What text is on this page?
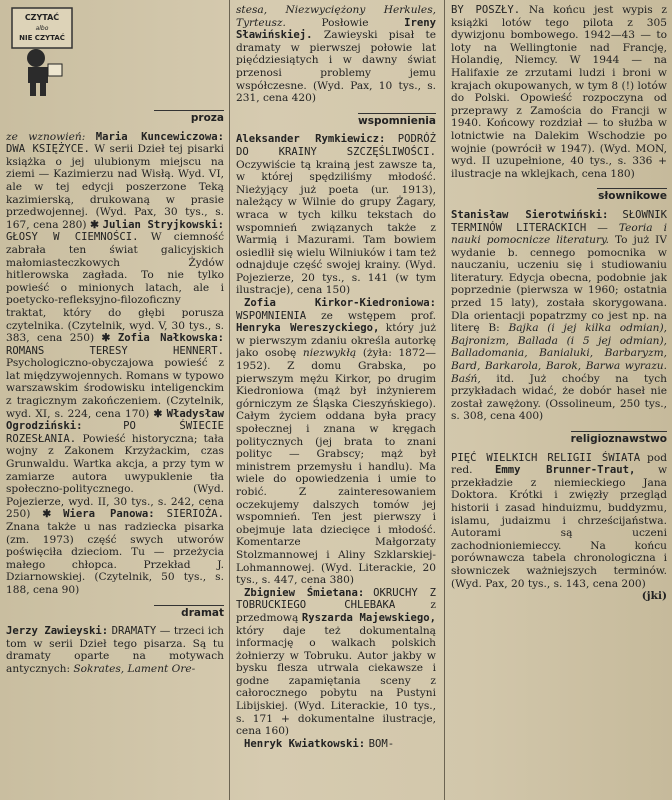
CZYTAĆ
albo
NIE CZYTAĆ
proza

ze wznowień: Maria Kuncewiczowa: DWA KSIĘŻYCE. W serii Dzieł tej pisarki książka o jej ulubionym miejscu na ziemi — Kazimierzu nad Wisłą. Wyd. VI, ale w tej edycji poszerzone Teką kazimierską, drukowaną w prasie przedwojennej. (Wyd. Pax, 30 tys., s. 167, cena 280) ✱ Julian Stryjkowski: GŁOSY W CIEMNOŚCI. W ciemność zabrała ten świat galicyjskich małomiasteczkowych Żydów hitlerowska zagłada. To nie tylko powieść o minionych latach, ale i poetycko-refleksyjno-filozoficzny traktat, który do głębi porusza czytelnika. (Czytelnik, wyd. V, 30 tys., s. 383, cena 250) ✱ Zofia Nałkowska: ROMANS TERESY HENNERT. Psychologiczno-obyczajowa powieść z lat międzywojennych. Romans w typowo warszawskim środowisku inteligenckim z tragicznym zakończeniem. (Czytelnik, wyd. XI, s. 224, cena 170) ✱ Władysław Ogrodziński:	PO ŚWIECIE ROZESŁANIA. Powieść historyczna; tała wojny z Zakonem Krzyżackim, czas Grunwaldu. Wartka akcja, a przy tym w zamiarze autora uwypuklenie tła społeczno-politycznego. (Wyd. Pojezierze, wyd. II, 30 tys., s. 242, cena 250) ✱ Wiera Panowa: SIERIOŻA. Znana także u nas radziecka pisarka (zm. 1973) część swych utworów poświęciła dzieciom. Tu — przeżycia małego chłopca. Przekład J. Dziarnowskiej. (Czytelnik, 50 tys., s. 188, cena 90)

dramat

Jerzy Zawieyski: DRAMATY — trzeci ich tom w serii Dzieł tego pisarza. Są tu dramaty oparte na motywach antycznych: Sokrates, Lament Ore-

stesa, Niezwyciężony Herkules, Tyrteusz.	Posłowie	Ireny Sławińskiej. Zawieyski pisał te dramaty w pierwszej połowie lat pięćdziesiątych i w dawny świat przenosi problemy jemu współczesne. (Wyd. Pax, 10 tys., s. 231, cena 420)

wspomnienia

Aleksander Rymkiewicz: PODRÓŻ DO KRAINY SZCZĘŚLIWOŚCI. Oczywiście tą krainą jest zawsze ta, w której spędziliśmy młodość. Nieżyjący już poeta (ur. 1913), należący w Wilnie do grupy Żagary, wraca w tych kilku tekstach do wspomnień związanych także z Warmią i Mazurami. Tam bowiem osiedlił się wielu Wilniuków i tam też odnajduje część swojej krainy. (Wyd. Pojezierze, 20 tys., s. 141 (w tym ilustracje), cena 150)

Zofia Kirkor-Kiedroniowa: WSPOMNIENIA ze wstępem prof. Henryka Wereszyckiego, który już w pierwszym zdaniu określa autorkę jako osobę niezwykłą (żyła: 1872—1952). Z domu Grabska, po pierwszym mężu Kirkor, po drugim Kiedroniowa (mąż był inżynierem górniczym ze Śląska Cieszyńskiego). Całym życiem oddana była pracy społecznej i znana w kręgach politycznych (jej brata to znani polityc — Grabscy; mąż był ministrem przemysłu i handlu). Ma wiele do opowiedzenia i umie to robić. Z zainteresowaniem oczekujemy dalszych tomów jej wspomnień. Ten jest pierwszy i obejmuje lata dziecięce i młodość. Komentarze Małgorzaty Stolzmannowej i Aliny Szklarskiej-Lohmannowej. (Wyd. Literackie, 20 tys., s. 447, cena 380)

Zbigniew Śmietana: OKRUCHY Z TOBRUCKIEGO CHLEBAKA	z przedmową Ryszarda Majewskiego, który daje też dokumentalną informację o walkach polskich żołnierzy w Tobruku. Autor jakby w bysku flesza utrwala ciekawsze i godne zapamiętania sceny z całorocznego pobytu na Pustyni Libijskiej. (Wyd. Literackie, 10 tys., s. 171 + dokumentalne ilustracje, cena 160)

Henryk Kwiatkowski: BOM-

BY POSZŁY. Na końcu jest wypis z książki lotów tego pilota z 305 dywizjonu bombowego. 1942—43 — to loty na Wellingtonie nad Francję, Holandię, Niemcy. W 1944 — na Halifaxie ze zrzutami ludzi i broni w krajach okupowanych, w tym 8 (!) lotów do Polski. Opowieść rozpoczyna od przeprawy z Zamościa do Francji w 1940. Końcowy rozdział — to służba w lotnictwie na Dalekim Wschodzie po wojnie (powrócił w 1947). (Wyd. MON, wyd. II uzupełnione, 40 tys., s. 336 + ilustracje na wklejkach, cena 180)

słownikowe

Stanisław Sierotwiński: SŁOWNIK TERMINÓW LITERACKICH — Teoria i nauki pomocnicze literatury. To już IV wydanie b. cennego pomocnika w nauczaniu, uczeniu się i studiowaniu literatury. Edycja obecna, podobnie jak poprzednie (pierwsza w 1960; ostatnia przed 15 laty), została skorygowana. Dla orientacji popatrzmy co jest np. na literę B: Bajka (i jej kilka odmian), Bajronizm, Ballada (i 5 jej odmian), Balladomania, Banialuki, Barbaryzm, Bard, Barkarola, Barok, Barwa wyrazu. Baśń, itd. Już choćby na tych przykładach widać, że dobór haseł nie został zawężony. (Ossolineum, 250 tys., s. 308, cena 400)

religioznawstwo

PIĘĆ WIELKICH RELIGII ŚWIATA pod red. Emmy Brunner-Traut, w przekładzie z niemieckiego Jana Doktora. Krótki i zwięzły przegląd historii i zasad hinduizmu, buddyzmu, islamu, judaizmu i chrześcijaństwa. Autorami są uczeni zachodnioniemieccy. Na końcu porównawcza tabela chronologiczna i słowniczek ważniejszych terminów. (Wyd. Pax, 20 tys., s. 143, cena 200)

(jki)
